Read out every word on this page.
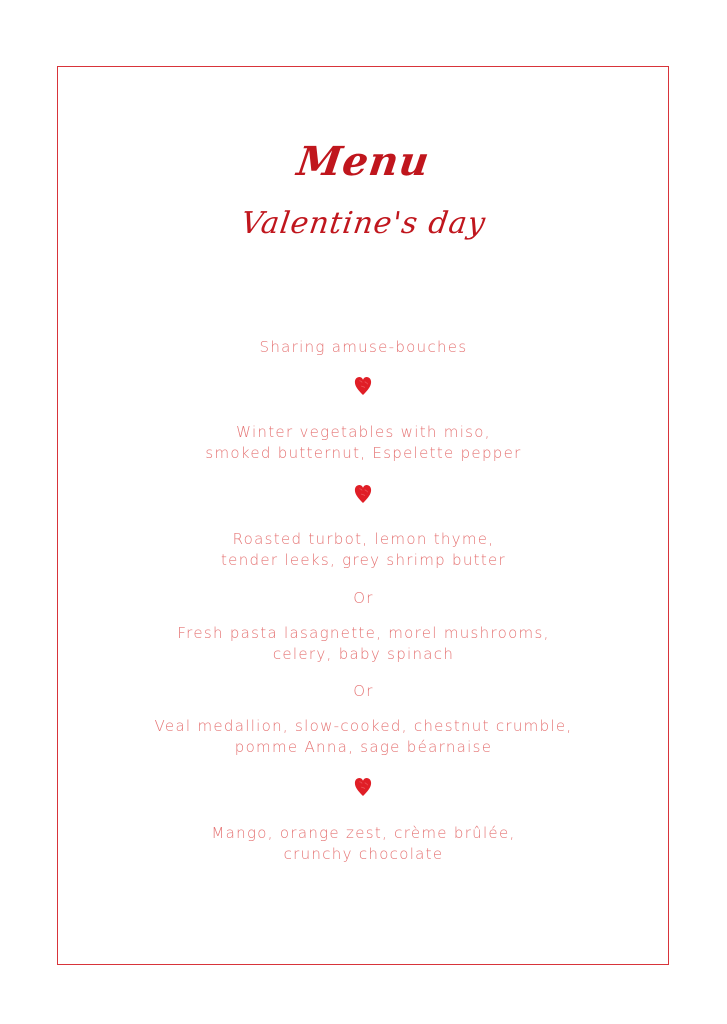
Menu
Valentine's day
Sharing amuse-bouches
Winter vegetables with miso,
smoked butternut, Espelette pepper
Roasted turbot, lemon thyme,
tender leeks, grey shrimp butter
Or
Fresh pasta lasagnette, morel mushrooms,
celery, baby spinach
Or
Veal medallion, slow-cooked, chestnut crumble,
pomme Anna, sage béarnaise
Mango, orange zest, crème brûlée,
crunchy chocolate
